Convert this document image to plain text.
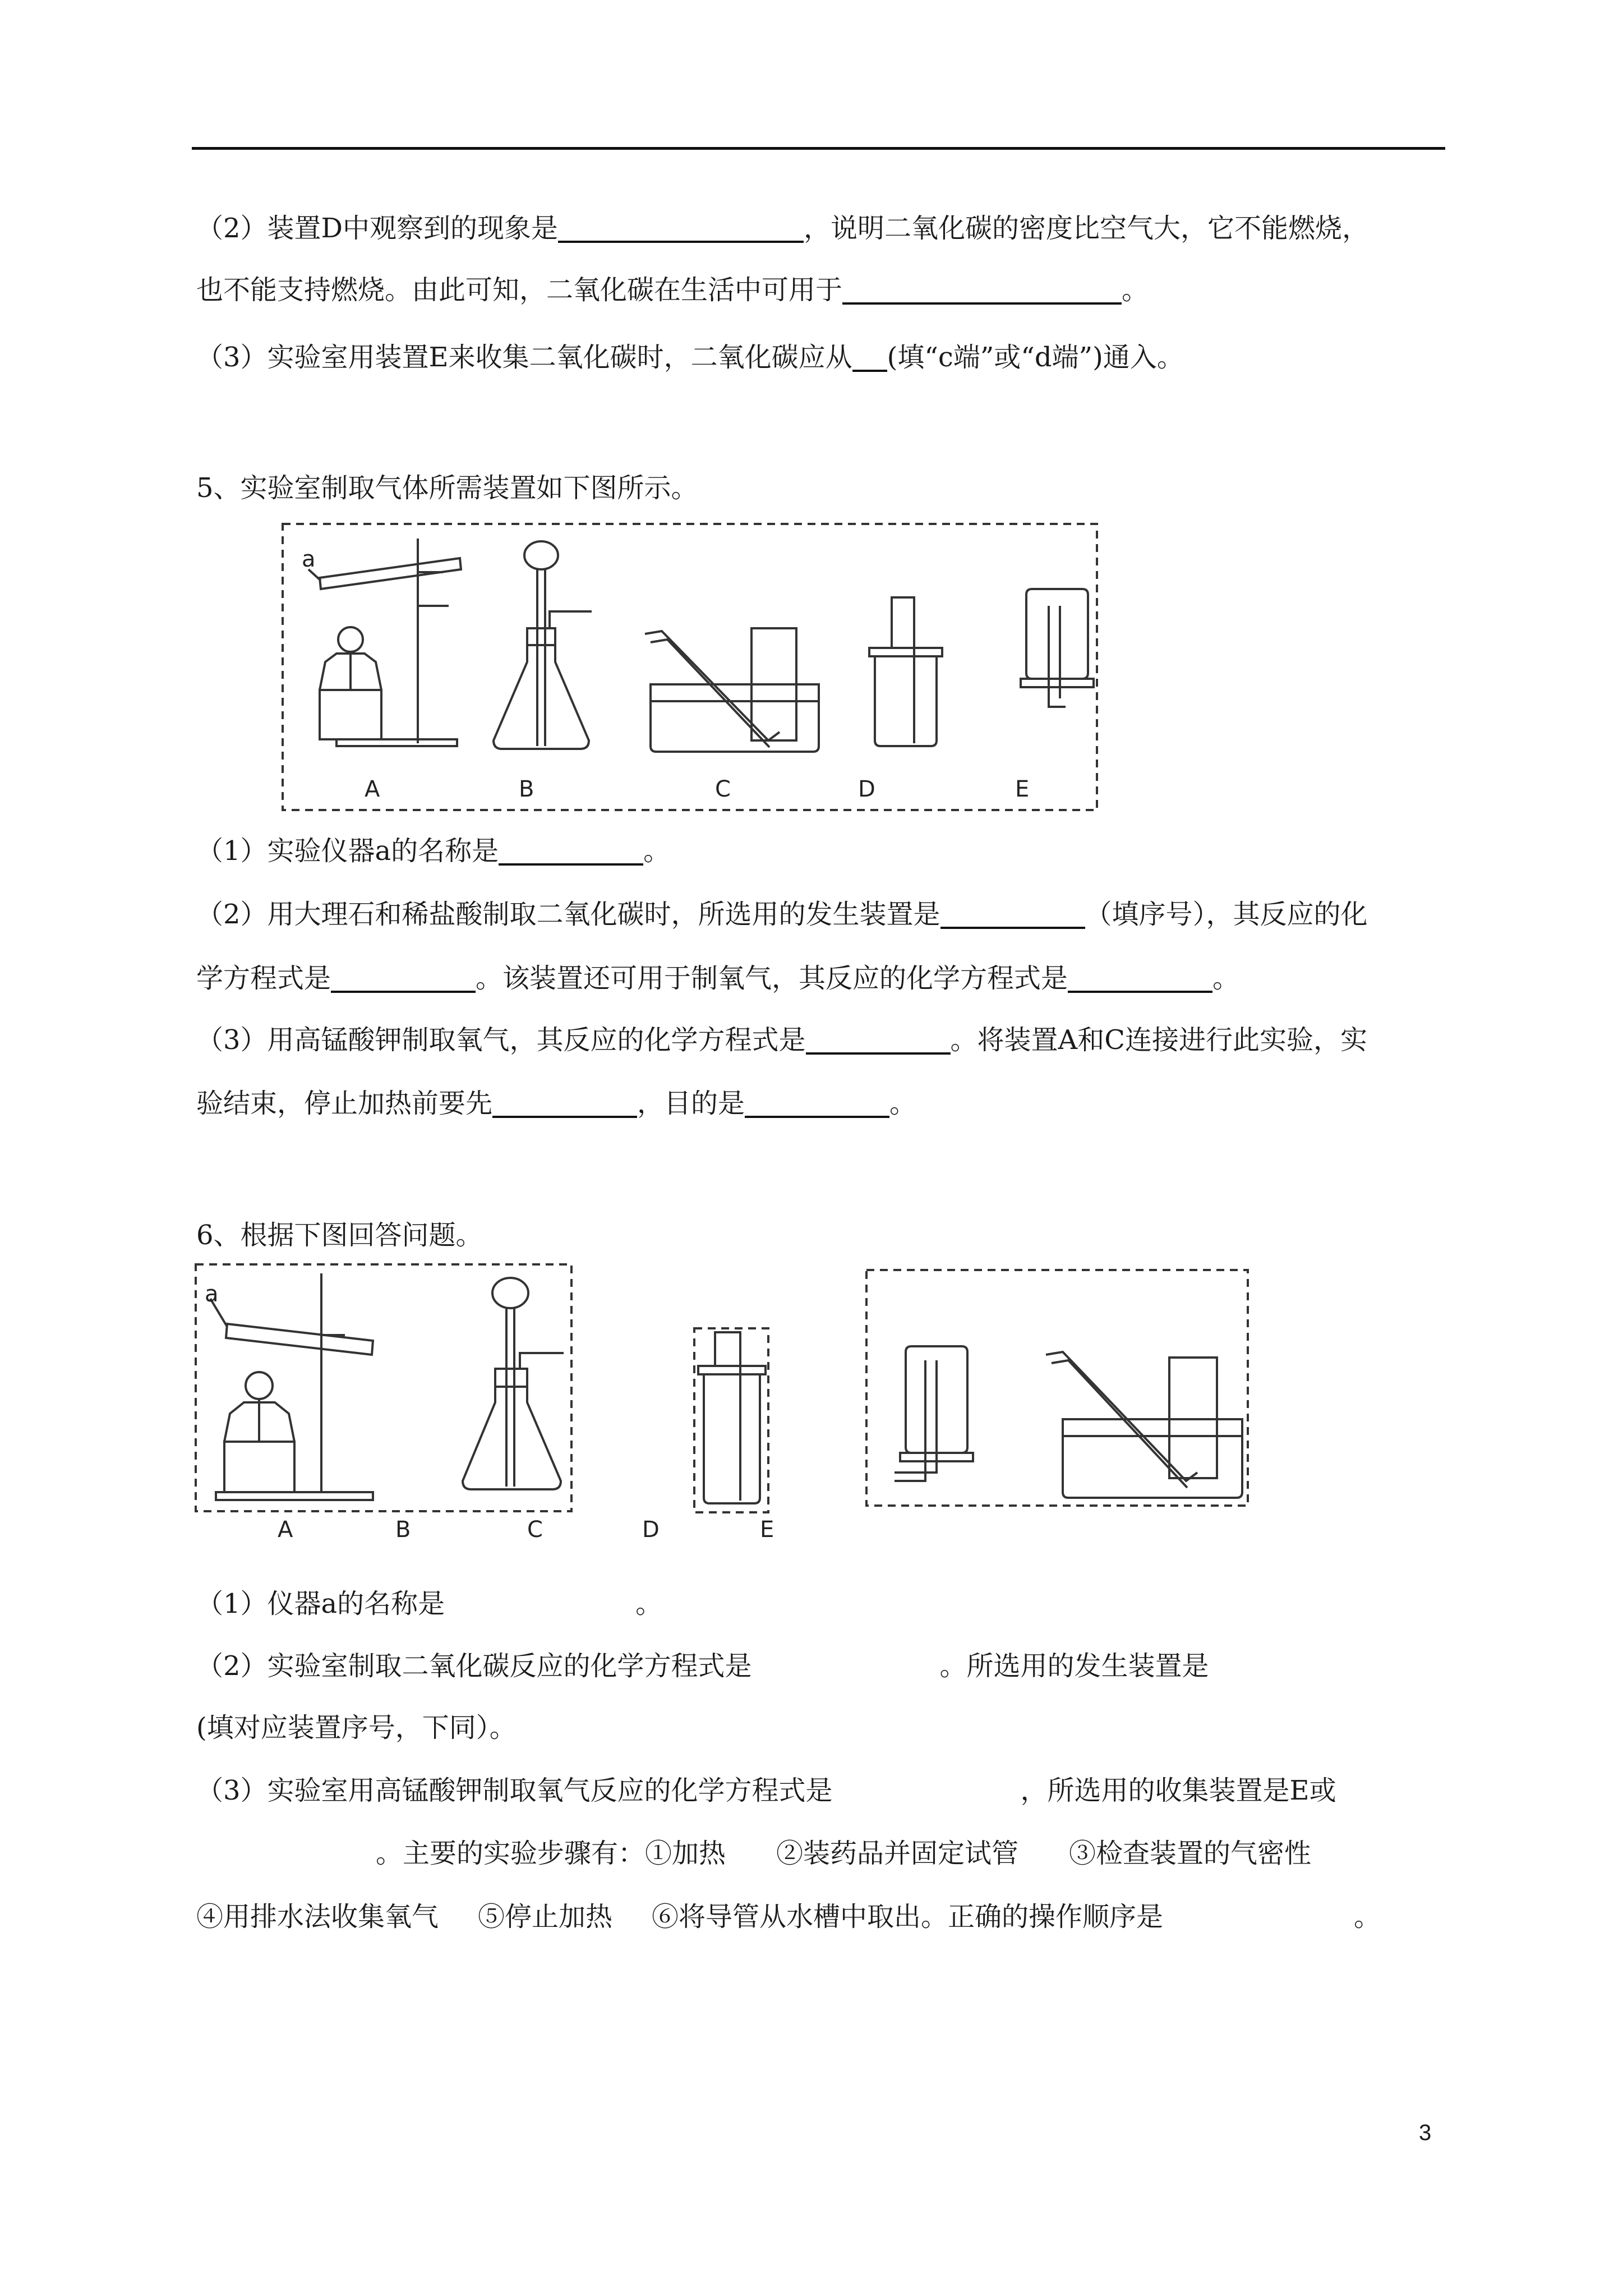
（2）装置D中观察到的现象是	，说明二氧化碳的密度比空气大，它不能燃烧，
也不能支持燃烧。由此可知，二氧化碳在生活中可用于	。
（3）实验室用装置E来收集二氧化碳时，二氧化碳应从 (填“c端”或“d端”)通入。
5、实验室制取气体所需装置如下图所示。
a
A	B	C	D	E
（1）实验仪器a的名称是	。
（2）用大理石和稀盐酸制取二氧化碳时，所选用的发生装置是	（填序号），其反应的化
学方程式是	。该装置还可用于制氧气，其反应的化学方程式是	。
（3）用高锰酸钾制取氧气，其反应的化学方程式是	。将装置A和C连接进行此实验，实
验结束，停止加热前要先	，目的是	。
6、根据下图回答问题。
a
A	B	C	D	E
（1）仪器a的名称是	。
（2）实验室制取二氧化碳反应的化学方程式是	。所选用的发生装置是
(填对应装置序号，下同）。
（3）实验室用高锰酸钾制取氧气反应的化学方程式是	，所选用的收集装置是E或
。主要的实验步骤有：①加热 ②装药品并固定试管 ③检查装置的气密性
④用排水法收集氧气 ⑤停止加热 ⑥将导管从水槽中取出。正确的操作顺序是	。
3
